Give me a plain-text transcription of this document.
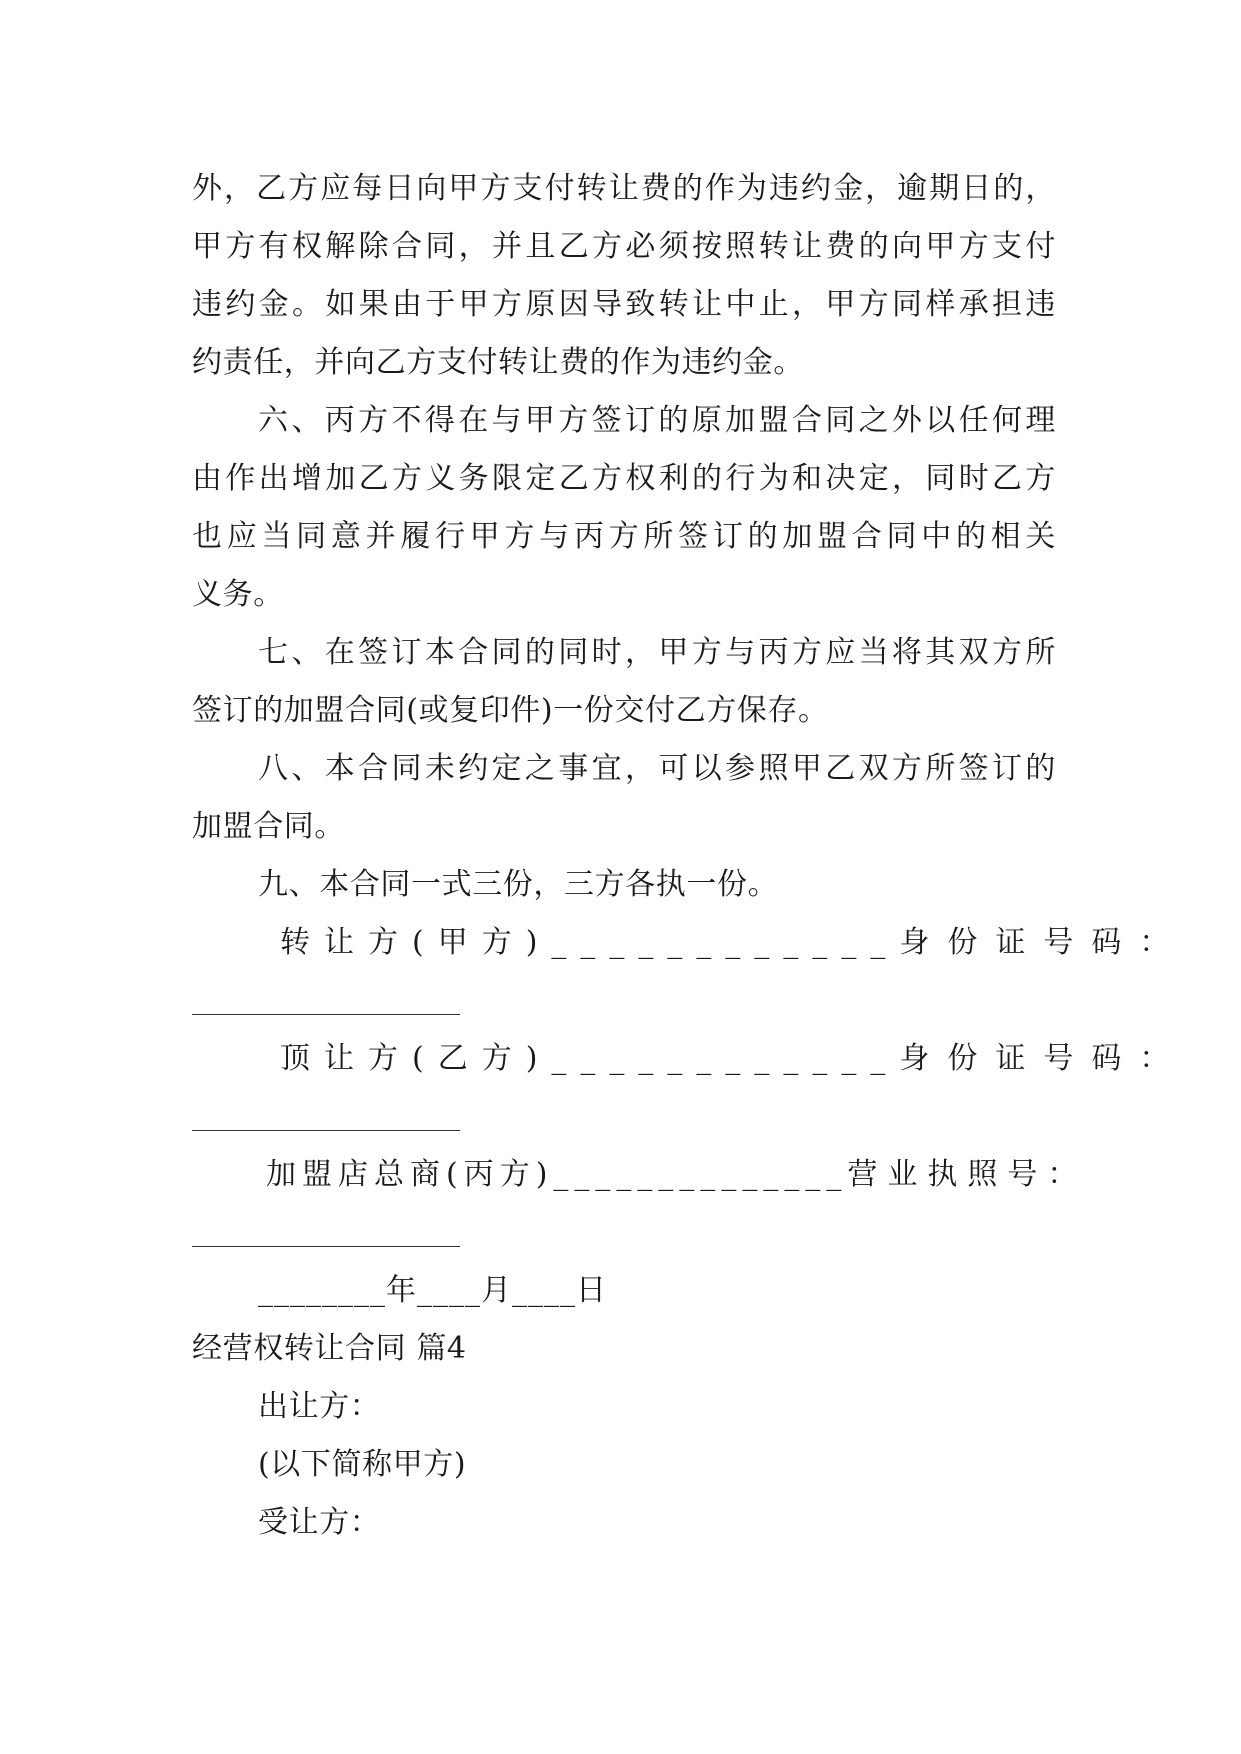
外，乙方应每日向甲方支付转让费的作为违约金，逾期日的，
甲方有权解除合同，并且乙方必须按照转让费的向甲方支付
违约金。如果由于甲方原因导致转让中止，甲方同样承担违
约责任，并向乙方支付转让费的作为违约金。
六、丙方不得在与甲方签订的原加盟合同之外以任何理
由作出增加乙方义务限定乙方权利的行为和决定，同时乙方
也应当同意并履行甲方与丙方所签订的加盟合同中的相关
义务。
七、在签订本合同的同时，甲方与丙方应当将其双方所
签订的加盟合同(或复印件)一份交付乙方保存。
八、本合同未约定之事宜，可以参照甲乙双方所签订的
加盟合同。
九、本合同一式三份，三方各执一份。
转让方(甲方)____________ 身份证号码：
顶让方(乙方)____________ 身份证号码：
加盟店总商(丙方)______________ 营业执照号：
________年____月____日
经营权转让合同 篇4
出让方：
(以下简称甲方)
受让方：
